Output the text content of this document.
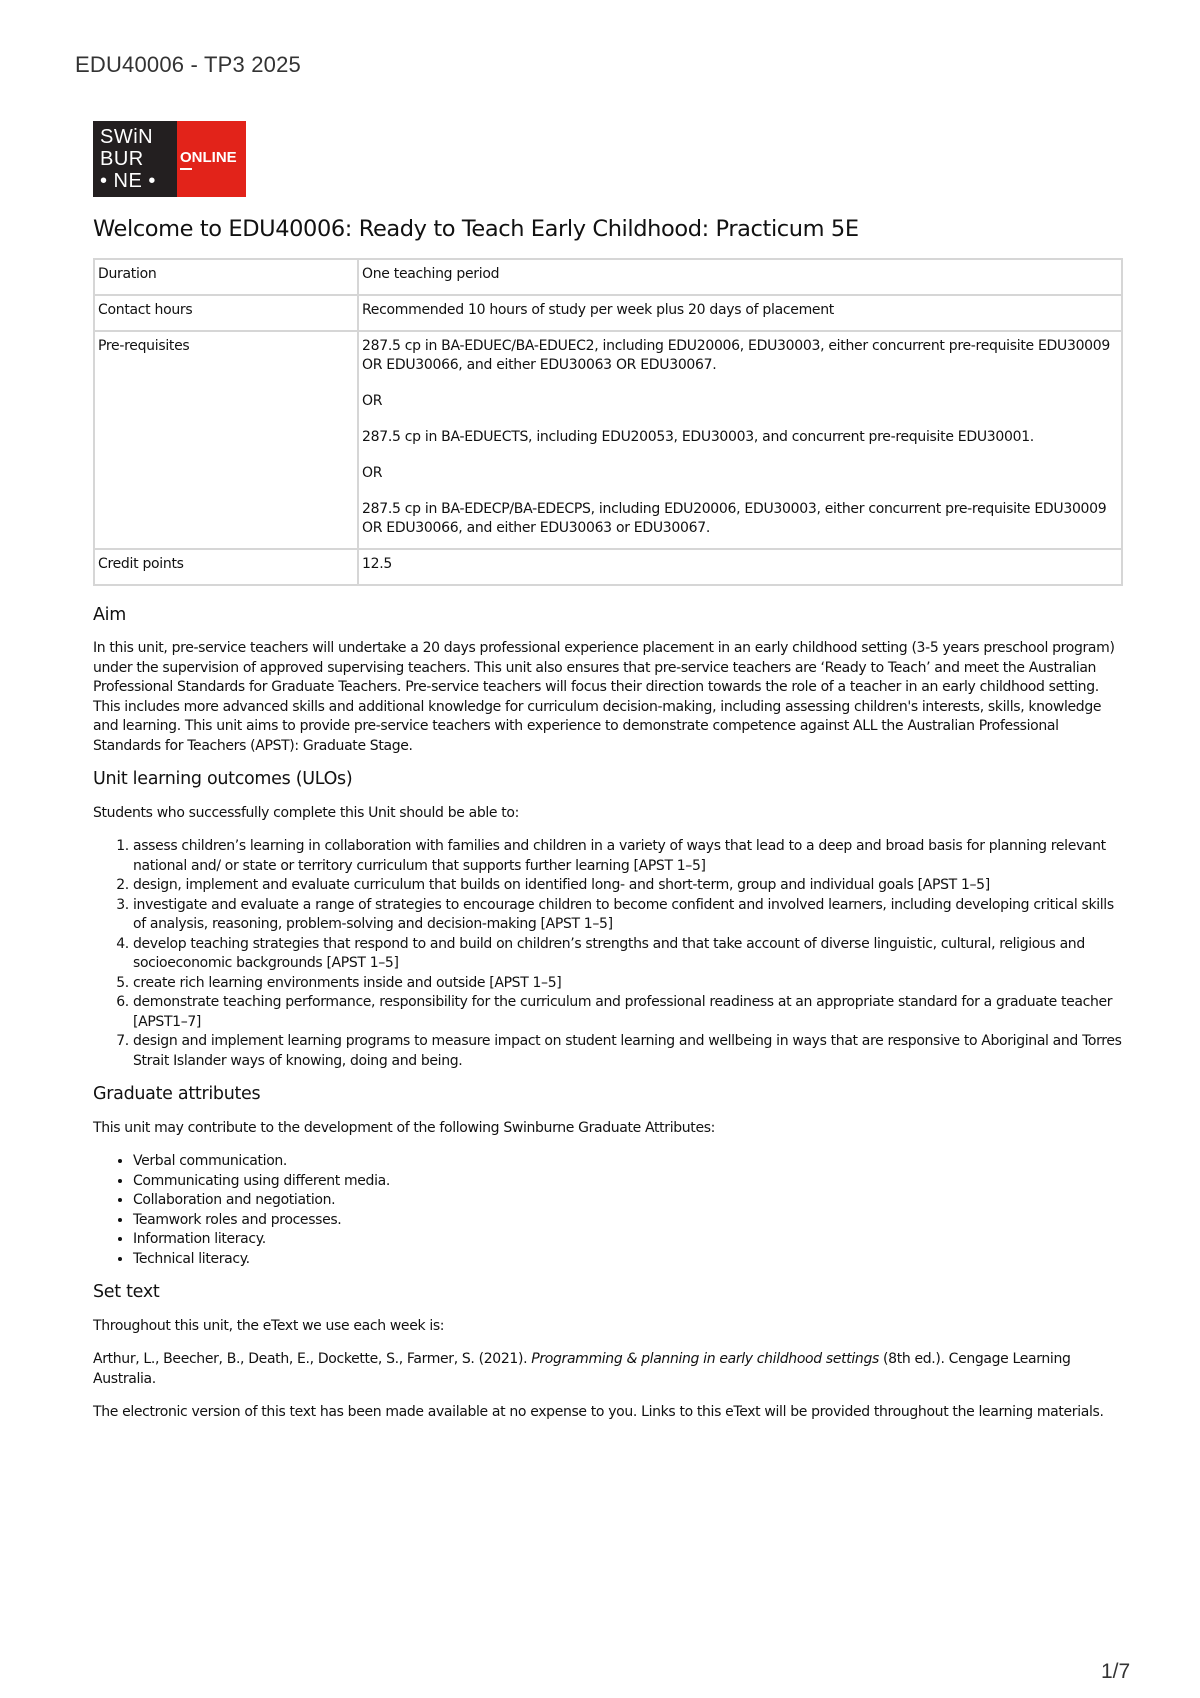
EDU40006 - TP3 2025
SWiN
BUR
• NE •
ONLINE
Welcome to EDU40006: Ready to Teach Early Childhood: Practicum 5E
Duration	One teaching period

Contact hours	Recommended 10 hours of study per week plus 20 days of placement

Pre-requisites	287.5 cp in BA-EDUEC/BA-EDUEC2, including EDU20006, EDU30003, either concurrent pre-requisite EDU30009 OR EDU30066, and either EDU30063 OR EDU30067.

OR

287.5 cp in BA-EDUECTS, including EDU20053, EDU30003, and concurrent pre-requisite EDU30001.

OR

287.5 cp in BA-EDECP/BA-EDECPS, including EDU20006, EDU30003, either concurrent pre-requisite EDU30009 OR EDU30066, and either EDU30063 or EDU30067.

Credit points	12.5

Aim

In this unit, pre-service teachers will undertake a 20 days professional experience placement in an early childhood setting (3-5 years preschool program) under the supervision of approved supervising teachers. This unit also ensures that pre-service teachers are ‘Ready to Teach’ and meet the Australian Professional Standards for Graduate Teachers. Pre-service teachers will focus their direction towards the role of a teacher in an early childhood setting. This includes more advanced skills and additional knowledge for curriculum decision-making, including assessing children's interests, skills, knowledge and learning. This unit aims to provide pre-service teachers with experience to demonstrate competence against ALL the Australian Professional Standards for Teachers (APST): Graduate Stage.

Unit learning outcomes (ULOs)

Students who successfully complete this Unit should be able to:

1. assess children’s learning in collaboration with families and children in a variety of ways that lead to a deep and broad basis for planning relevant national and/ or state or territory curriculum that supports further learning [APST 1–5]
2. design, implement and evaluate curriculum that builds on identified long- and short-term, group and individual goals [APST 1–5]
3. investigate and evaluate a range of strategies to encourage children to become confident and involved learners, including developing critical skills of analysis, reasoning, problem-solving and decision-making [APST 1–5]
4. develop teaching strategies that respond to and build on children’s strengths and that take account of diverse linguistic, cultural, religious and socioeconomic backgrounds [APST 1–5]
5. create rich learning environments inside and outside [APST 1–5]
6. demonstrate teaching performance, responsibility for the curriculum and professional readiness at an appropriate standard for a graduate teacher [APST1–7]
7. design and implement learning programs to measure impact on student learning and wellbeing in ways that are responsive to Aboriginal and Torres Strait Islander ways of knowing, doing and being.
Graduate attributes

This unit may contribute to the development of the following Swinburne Graduate Attributes:

• Verbal communication.
• Communicating using different media.
• Collaboration and negotiation.
• Teamwork roles and processes.
• Information literacy.
• Technical literacy.
Set text

Throughout this unit, the eText we use each week is:

Arthur, L., Beecher, B., Death, E., Dockette, S., Farmer, S. (2021). Programming & planning in early childhood settings (8th ed.). Cengage Learning Australia.

The electronic version of this text has been made available at no expense to you. Links to this eText will be provided throughout the learning materials.

1/7
